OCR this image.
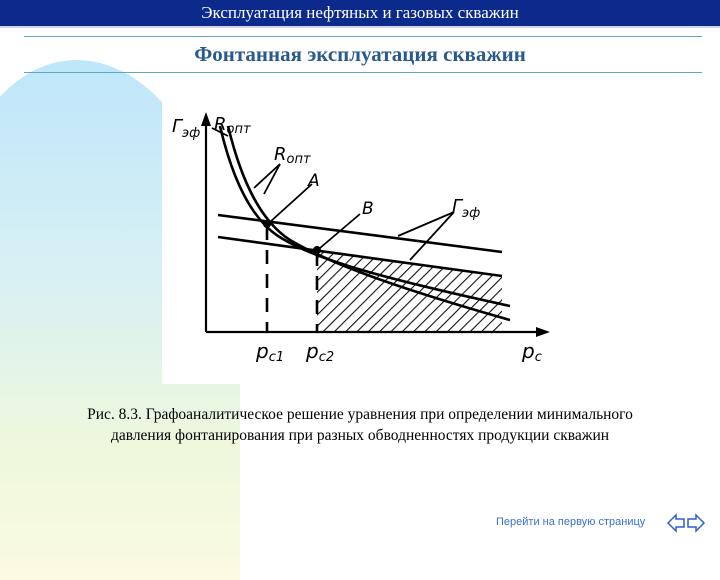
Эксплуатация нефтяных и газовых скважин
Фонтанная эксплуатация скважин
$Г_{эф}$ Rопт
Rопт
A
B	$Г_{эф}$
pс1 pс2	pс
Рис. 8.3. Графоаналитическое решение уравнения при определении минимального
давления фонтанирования при разных обводненностях продукции скважин
Перейти на первую страницу
